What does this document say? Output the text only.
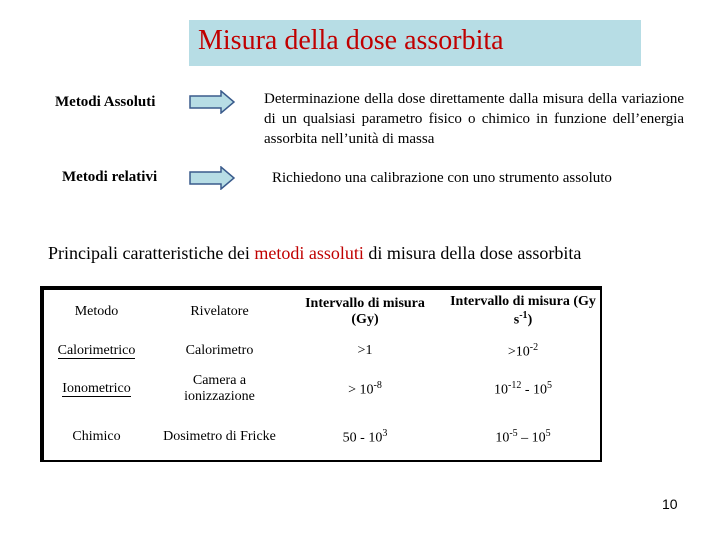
Misura della dose assorbita
Metodi Assoluti	Determinazione della dose direttamente dalla misura della variazione di un qualsiasi parametro fisico o chimico in funzione dell’energia assorbita nell’unità di massa
Metodi relativi	Richiedono una calibrazione con uno strumento assoluto
Principali caratteristiche dei metodi assoluti di misura della dose assorbita
Metodo	Rivelatore	Intervallo di misura (Gy)	Intervallo di misura (Gy $s^{-1}$)
Calorimetrico	Calorimetro	>1	$>10^{-2}$
Ionometrico	Camera a ionizzazione	> $10^{-8}$	$10^{-12} - 10^5$
Chimico	Dosimetro di Fricke	$50 - 10^3$	$10^{-5} - 10^5$
10
